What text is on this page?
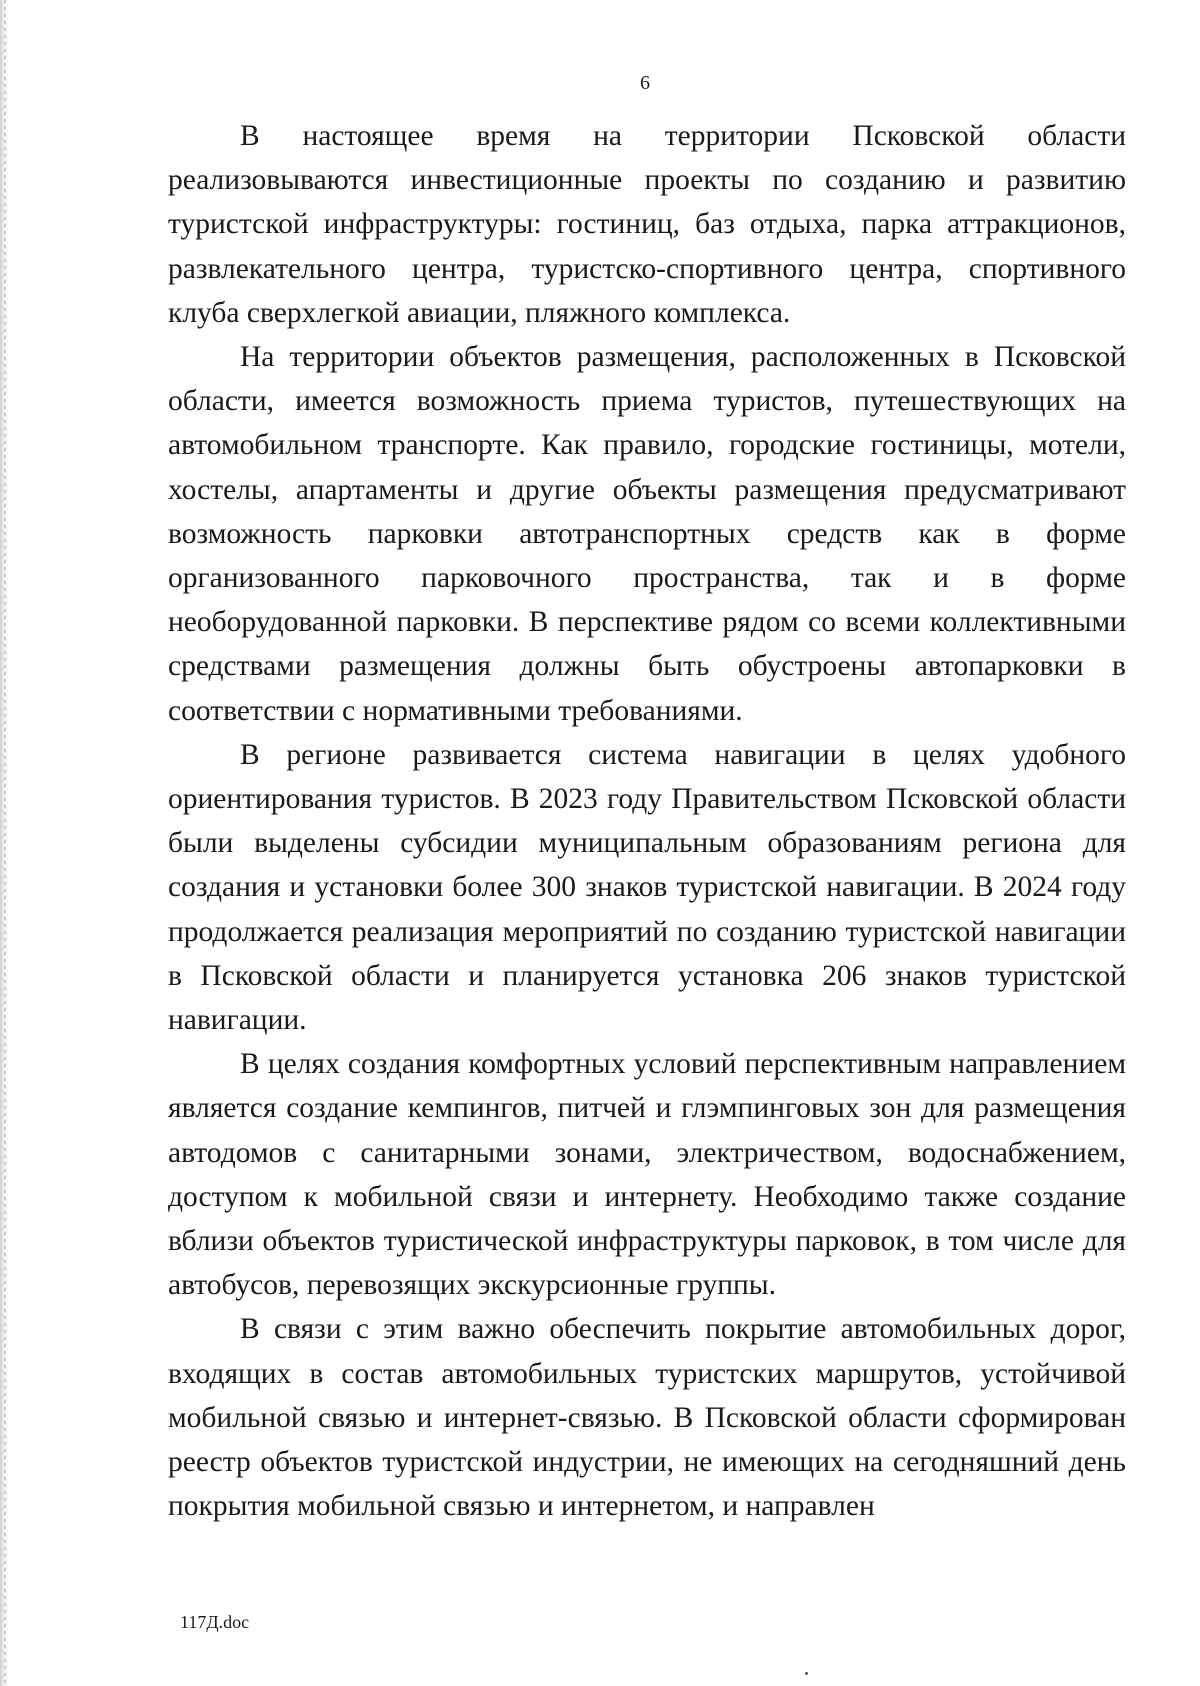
6

В настоящее время на территории Псковской области реализовываются инвестиционные проекты по созданию и развитию туристской инфраструктуры: гостиниц, баз отдыха, парка аттракционов, развлекательного центра, туристско-спортивного центра, спортивного клуба сверхлегкой авиации, пляжного комплекса.

На территории объектов размещения, расположенных в Псковской области, имеется возможность приема туристов, путешествующих на автомобильном транспорте. Как правило, городские гостиницы, мотели, хостелы, апартаменты и другие объекты размещения предусматривают возможность парковки автотранспортных средств как в форме организованного парковочного пространства, так и в форме необорудованной парковки. В перспективе рядом со всеми коллективными средствами размещения должны быть обустроены автопарковки в соответствии с нормативными требованиями.

В регионе развивается система навигации в целях удобного ориентирования туристов. В 2023 году Правительством Псковской области были выделены субсидии муниципальным образованиям региона для создания и установки более 300 знаков туристской навигации. В 2024 году продолжается реализация мероприятий по созданию туристской навигации в Псковской области и планируется установка 206 знаков туристской навигации.

В целях создания комфортных условий перспективным направлением является создание кемпингов, питчей и глэмпинговых зон для размещения автодомов с санитарными зонами, электричеством, водоснабжением, доступом к мобильной связи и интернету. Необходимо также создание вблизи объектов туристической инфраструктуры парковок, в том числе для автобусов, перевозящих экскурсионные группы.

В связи с этим важно обеспечить покрытие автомобильных дорог, входящих в состав автомобильных туристских маршрутов, устойчивой мобильной связью и интернет-связью. В Псковской области сформирован реестр объектов туристской индустрии, не имеющих на сегодняшний день покрытия мобильной связью и интернетом, и направлен

117Д.doc
